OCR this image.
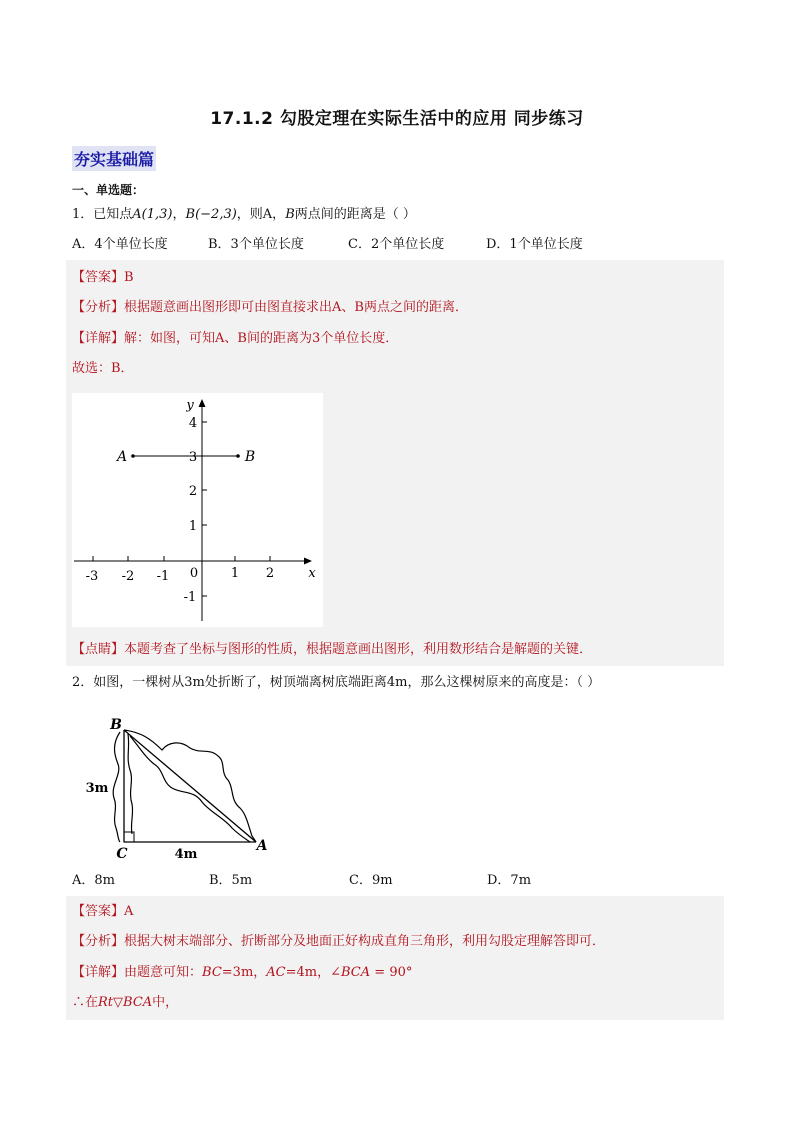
17.1.2 勾股定理在实际生活中的应用 同步练习
夯实基础篇
一、单选题：
1．已知点A(1,3)，B(−2,3)，则A，B两点间的距离是（ ）
A．4个单位长度	B．3个单位长度	C．2个单位长度	D．1个单位长度
【答案】B
【分析】根据题意画出图形即可由图直接求出A、B两点之间的距离．
【详解】解：如图，可知A、B间的距离为3个单位长度．
故选：B．
【点睛】本题考查了坐标与图形的性质，根据题意画出图形，利用数形结合是解题的关键．
-3 -2 -1 0	1 2
4
3
2
1
-1
x
y
A	B
2．如图，一棵树从3m处折断了，树顶端离树底端距离4m，那么这棵树原来的高度是：（ ）
B
C	A
3m
4m
A．8m	B．5m	C．9m	D．7m
【答案】A
【分析】根据大树末端部分、折断部分及地面正好构成直角三角形，利用勾股定理解答即可．
【详解】由题意可知：BC=3m，AC=4m，∠BCA = 90°
∴在Rt▽BCA中，
